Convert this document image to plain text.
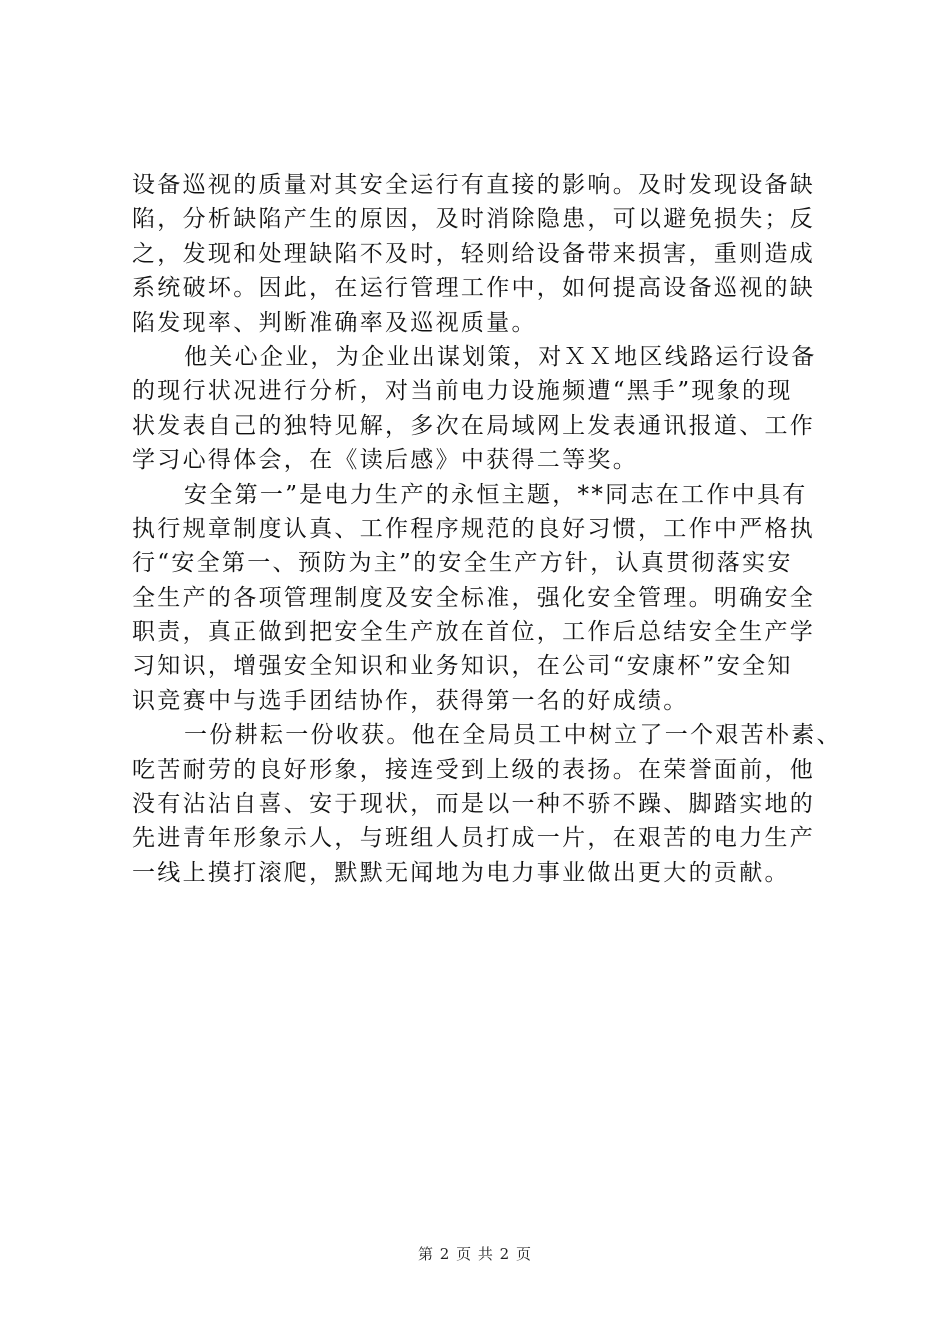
设备巡视的质量对其安全运行有直接的影响。及时发现设备缺
陷，分析缺陷产生的原因，及时消除隐患，可以避免损失；反
之，发现和处理缺陷不及时，轻则给设备带来损害，重则造成
系统破坏。因此，在运行管理工作中，如何提高设备巡视的缺
陷发现率、判断准确率及巡视质量。

他关心企业，为企业出谋划策，对ＸＸ地区线路运行设备
的现行状况进行分析，对当前电力设施频遭“黑手”现象的现
状发表自己的独特见解，多次在局域网上发表通讯报道、工作
学习心得体会，在《读后感》中获得二等奖。

安全第一”是电力生产的永恒主题，**同志在工作中具有
执行规章制度认真、工作程序规范的良好习惯，工作中严格执
行“安全第一、预防为主”的安全生产方针，认真贯彻落实安
全生产的各项管理制度及安全标准，强化安全管理。明确安全
职责，真正做到把安全生产放在首位，工作后总结安全生产学
习知识，增强安全知识和业务知识，在公司“安康杯”安全知
识竞赛中与选手团结协作，获得第一名的好成绩。

一份耕耘一份收获。他在全局员工中树立了一个艰苦朴素、
吃苦耐劳的良好形象，接连受到上级的表扬。在荣誉面前，他
没有沾沾自喜、安于现状，而是以一种不骄不躁、脚踏实地的
先进青年形象示人，与班组人员打成一片，在艰苦的电力生产
一线上摸打滚爬，默默无闻地为电力事业做出更大的贡献。

第 2 页 共 2 页
